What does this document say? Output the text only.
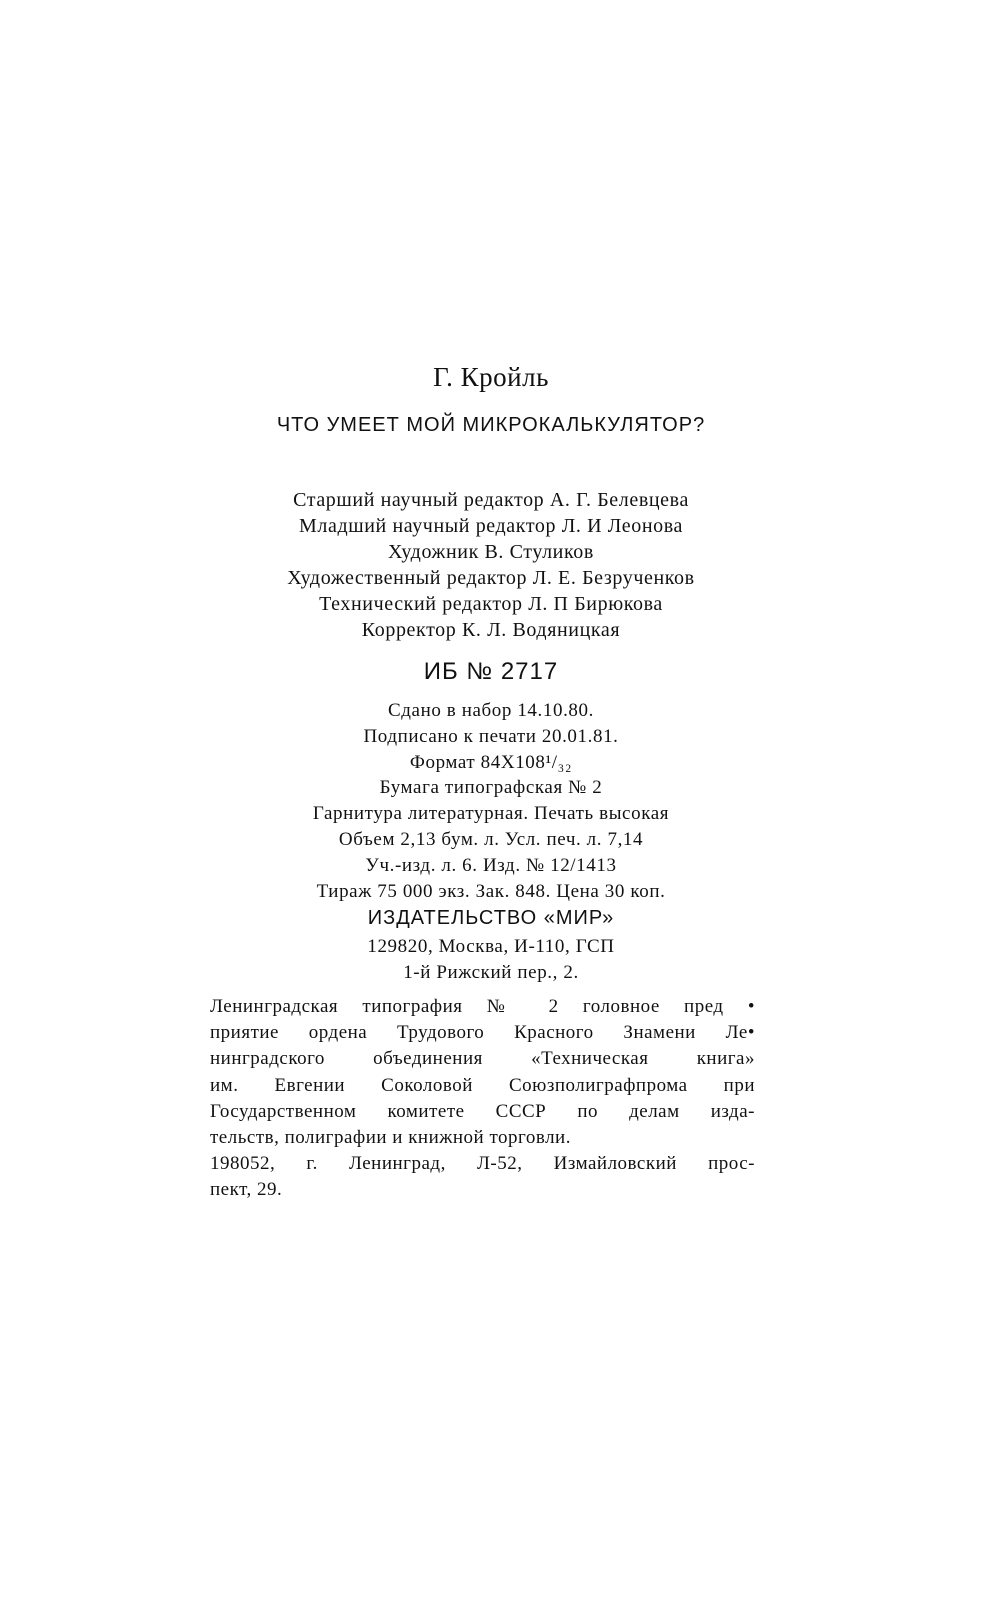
Г. Кройль
ЧТО УМЕЕТ МОЙ МИКРОКАЛЬКУЛЯТОР?
Старший научный редактор А. Г. Белевцева
Младший научный редактор Л. И Леонова
Художник В. Стуликов
Художественный редактор Л. Е. Безрученков
Технический редактор Л. П Бирюкова
Корректор К. Л. Водяницкая
ИБ № 2717
Сдано в набор 14.10.80.
Подписано к печати 20.01.81.
Формат 84X108¹/₃₂
Бумага типографская № 2
Гарнитура литературная. Печать высокая
Объем 2,13 бум. л. Усл. печ. л. 7,14
Уч.-изд. л. 6. Изд. № 12/1413
Тираж 75 000 экз. Зак. 848. Цена 30 коп.
ИЗДАТЕЛЬСТВО «МИР»
129820, Москва, И-110, ГСП
1-й Рижский пер., 2.
Ленинградская типография № 2 головное пред •
приятие ордена Трудового Красного Знамени Ле•
нинградского объединения «Техническая книга»
им. Евгении Соколовой Союзполиграфпрома при
Государственном комитете СССР по делам изда-
тельств, полиграфии и книжной торговли.
198052, г. Ленинград, Л-52, Измайловский прос-
пект, 29.
